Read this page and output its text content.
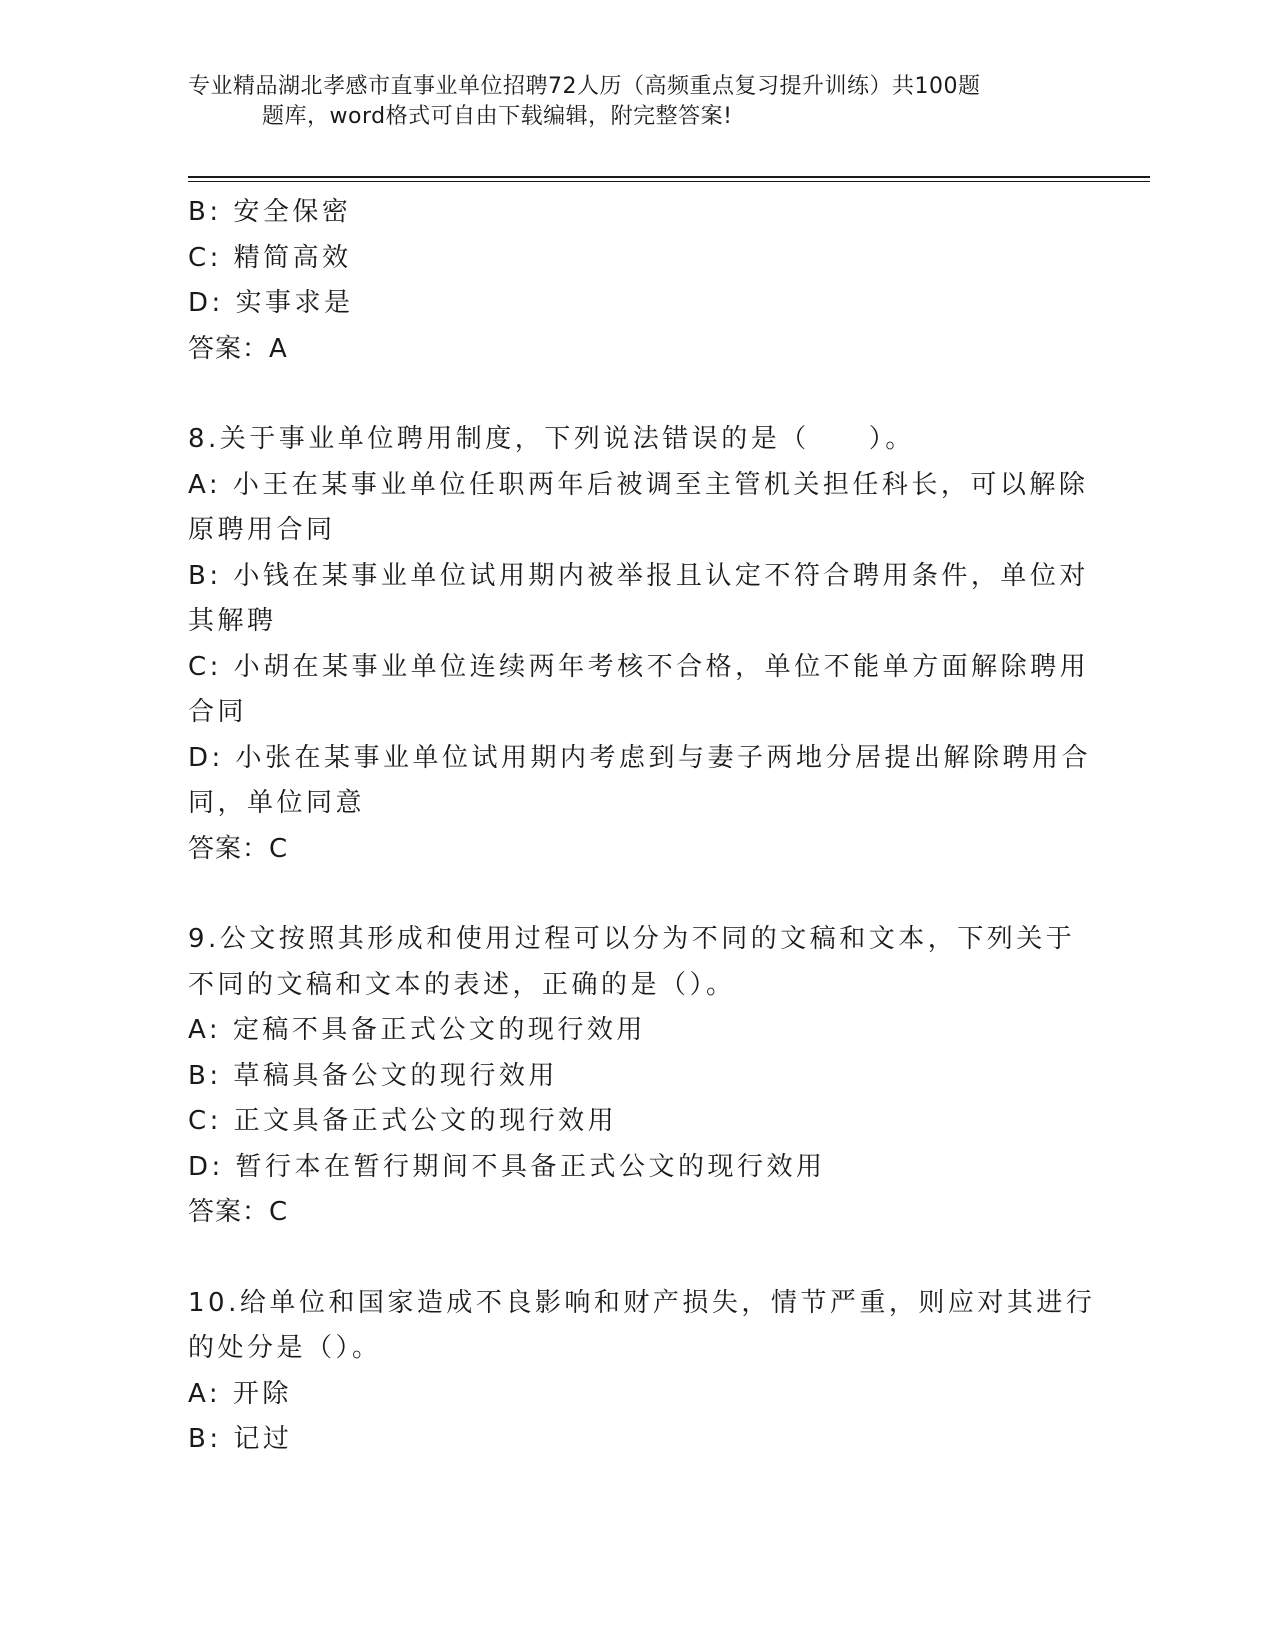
专业精品湖北孝感市直事业单位招聘72人历（高频重点复习提升训练）共100题
题库，word格式可自由下载编辑，附完整答案!
B: 安全保密
C: 精简高效
D: 实事求是
答案：A
8.关于事业单位聘用制度，下列说法错误的是（　　）。
A: 小王在某事业单位任职两年后被调至主管机关担任科长，可以解除
原聘用合同
B: 小钱在某事业单位试用期内被举报且认定不符合聘用条件，单位对
其解聘
C: 小胡在某事业单位连续两年考核不合格，单位不能单方面解除聘用
合同
D: 小张在某事业单位试用期内考虑到与妻子两地分居提出解除聘用合
同，单位同意
答案：C
9.公文按照其形成和使用过程可以分为不同的文稿和文本，下列关于
不同的文稿和文本的表述，正确的是（）。
A: 定稿不具备正式公文的现行效用
B: 草稿具备公文的现行效用
C: 正文具备正式公文的现行效用
D: 暂行本在暂行期间不具备正式公文的现行效用
答案：C
10.给单位和国家造成不良影响和财产损失，情节严重，则应对其进行
的处分是（）。
A: 开除
B: 记过
